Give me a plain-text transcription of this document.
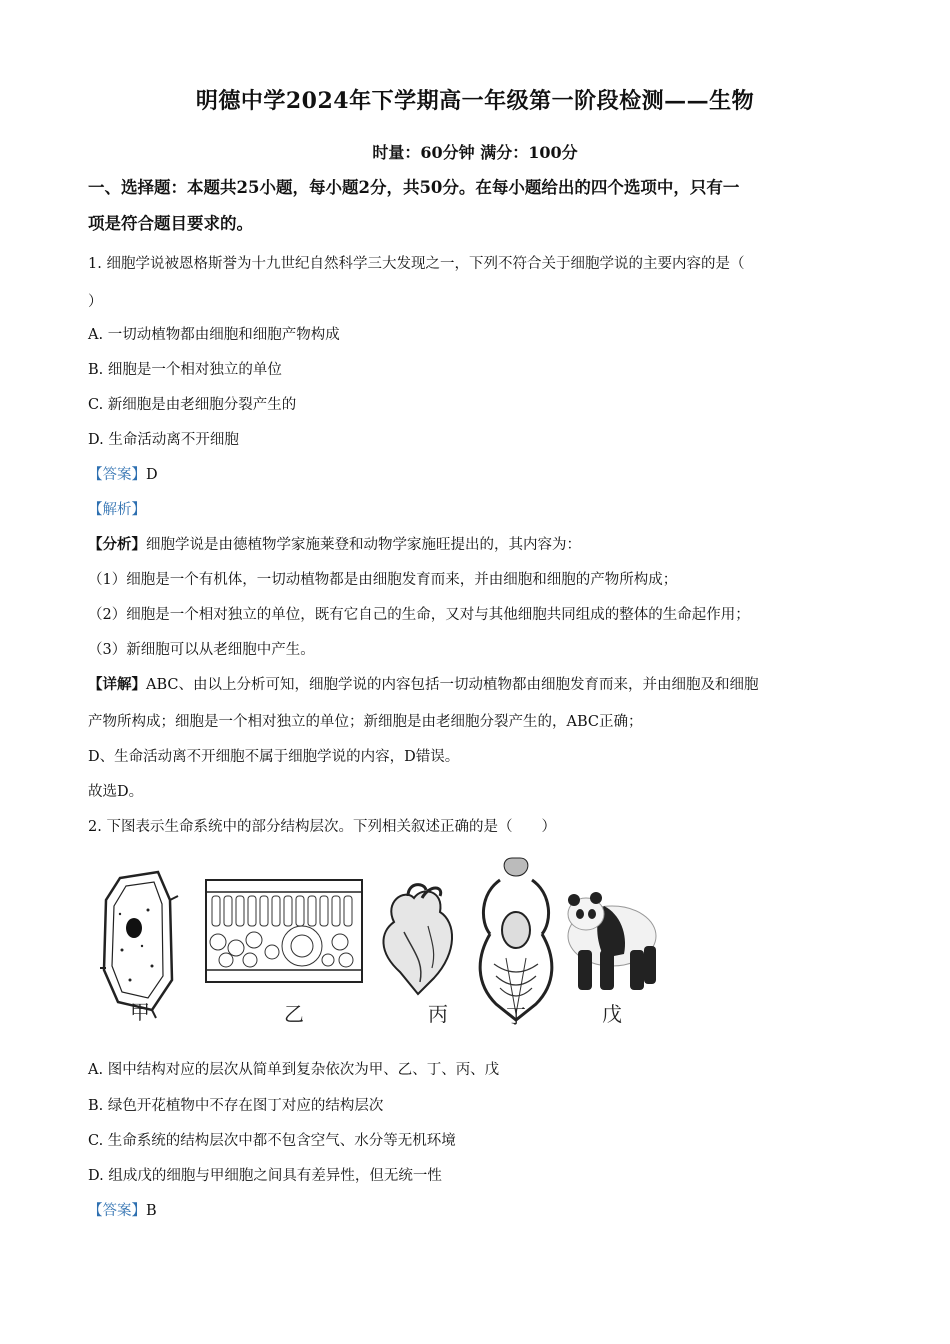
明德中学2024年下学期高一年级第一阶段检测——生物
时量：60分钟 满分：100分
一、选择题：本题共25小题，每小题2分，共50分。在每小题给出的四个选项中，只有一
项是符合题目要求的。
1. 细胞学说被恩格斯誉为十九世纪自然科学三大发现之一，下列不符合关于细胞学说的主要内容的是（
）
A. 一切动植物都由细胞和细胞产物构成
B. 细胞是一个相对独立的单位
C. 新细胞是由老细胞分裂产生的
D. 生命活动离不开细胞
【答案】D
【解析】
【分析】细胞学说是由德植物学家施莱登和动物学家施旺提出的，其内容为：
（1）细胞是一个有机体，一切动植物都是由细胞发育而来，并由细胞和细胞的产物所构成；
（2）细胞是一个相对独立的单位，既有它自己的生命，又对与其他细胞共同组成的整体的生命起作用；
（3）新细胞可以从老细胞中产生。
【详解】ABC、由以上分析可知，细胞学说的内容包括一切动植物都由细胞发育而来，并由细胞及和细胞
产物所构成；细胞是一个相对独立的单位；新细胞是由老细胞分裂产生的，ABC正确；
D、生命活动离不开细胞不属于细胞学说的内容，D错误。
故选D。
2. 下图表示生命系统中的部分结构层次。下列相关叙述正确的是（　　）
甲	乙	丙	丁	戊
A. 图中结构对应的层次从简单到复杂依次为甲、乙、丁、丙、戊
B. 绿色开花植物中不存在图丁对应的结构层次
C. 生命系统的结构层次中都不包含空气、水分等无机环境
D. 组成戊的细胞与甲细胞之间具有差异性，但无统一性
【答案】B
